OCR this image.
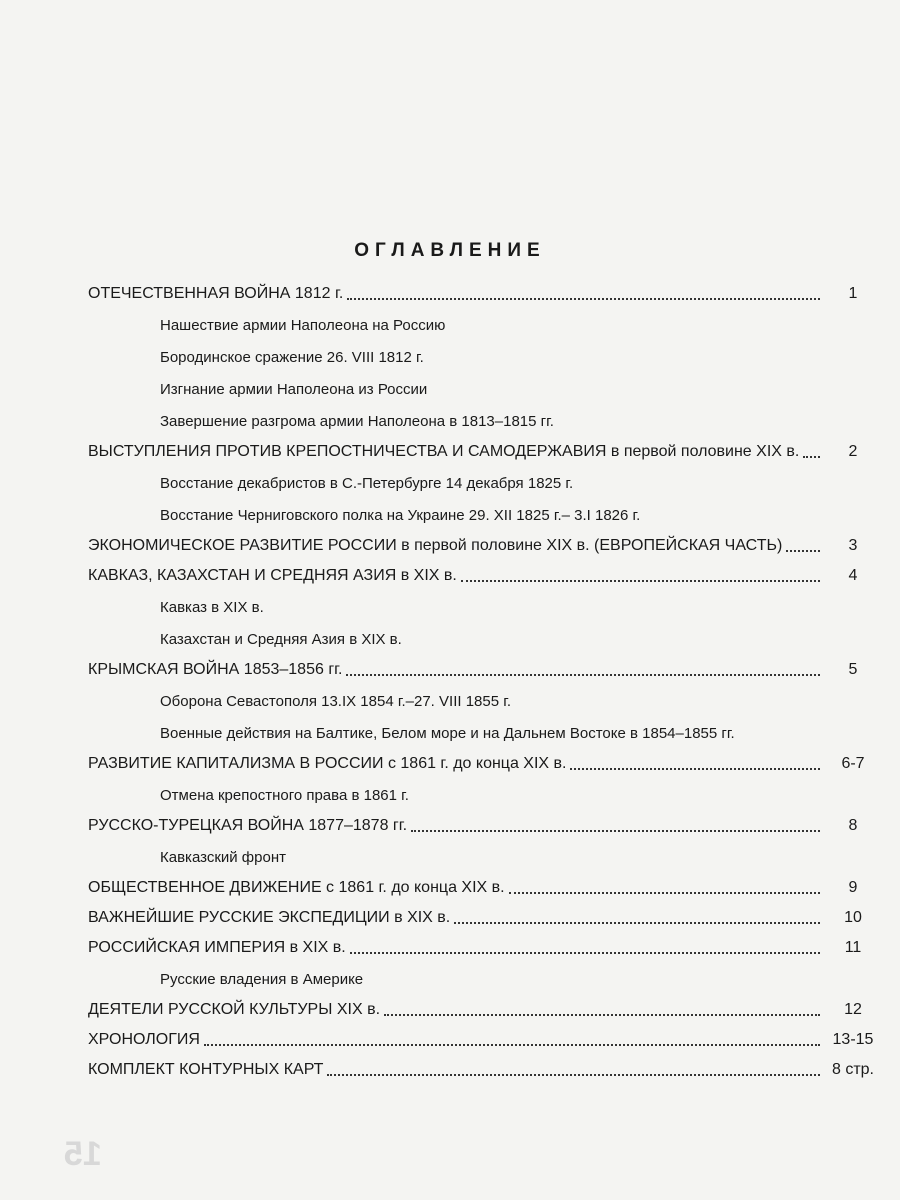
ОГЛАВЛЕНИЕ
ОТЕЧЕСТВЕННАЯ ВОЙНА 1812 г.	1
Нашествие армии Наполеона на Россию
Бородинское сражение 26. VIII 1812 г.
Изгнание армии Наполеона из России
Завершение разгрома армии Наполеона в 1813–1815 гг.
ВЫСТУПЛЕНИЯ ПРОТИВ КРЕПОСТНИЧЕСТВА И САМОДЕРЖАВИЯ в первой половине XIX в.	2
Восстание декабристов в С.-Петербурге 14 декабря 1825 г.
Восстание Черниговского полка на Украине 29. XII 1825 г.– 3.I 1826 г.
ЭКОНОМИЧЕСКОЕ РАЗВИТИЕ РОССИИ в первой половине XIX в. (ЕВРОПЕЙСКАЯ ЧАСТЬ)	3
КАВКАЗ, КАЗАХСТАН И СРЕДНЯЯ АЗИЯ в XIX в.	4
Кавказ в XIX в.
Казахстан и Средняя Азия в XIX в.
КРЫМСКАЯ ВОЙНА 1853–1856 гг.	5
Оборона Севастополя 13.IX 1854 г.–27. VIII 1855 г.
Военные действия на Балтике, Белом море и на Дальнем Востоке в 1854–1855 гг.
РАЗВИТИЕ КАПИТАЛИЗМА В РОССИИ с 1861 г. до конца XIX в.	6-7
Отмена крепостного права в 1861 г.
РУССКО-ТУРЕЦКАЯ ВОЙНА 1877–1878 гг.	8
Кавказский фронт
ОБЩЕСТВЕННОЕ ДВИЖЕНИЕ с 1861 г. до конца XIX в.	9
ВАЖНЕЙШИЕ РУССКИЕ ЭКСПЕДИЦИИ в XIX в.	10
РОССИЙСКАЯ ИМПЕРИЯ в XIX в.	11
Русские владения в Америке
ДЕЯТЕЛИ РУССКОЙ КУЛЬТУРЫ XIX в.	12
ХРОНОЛОГИЯ	13-15
КОМПЛЕКТ КОНТУРНЫХ КАРТ	8 стр.
15
